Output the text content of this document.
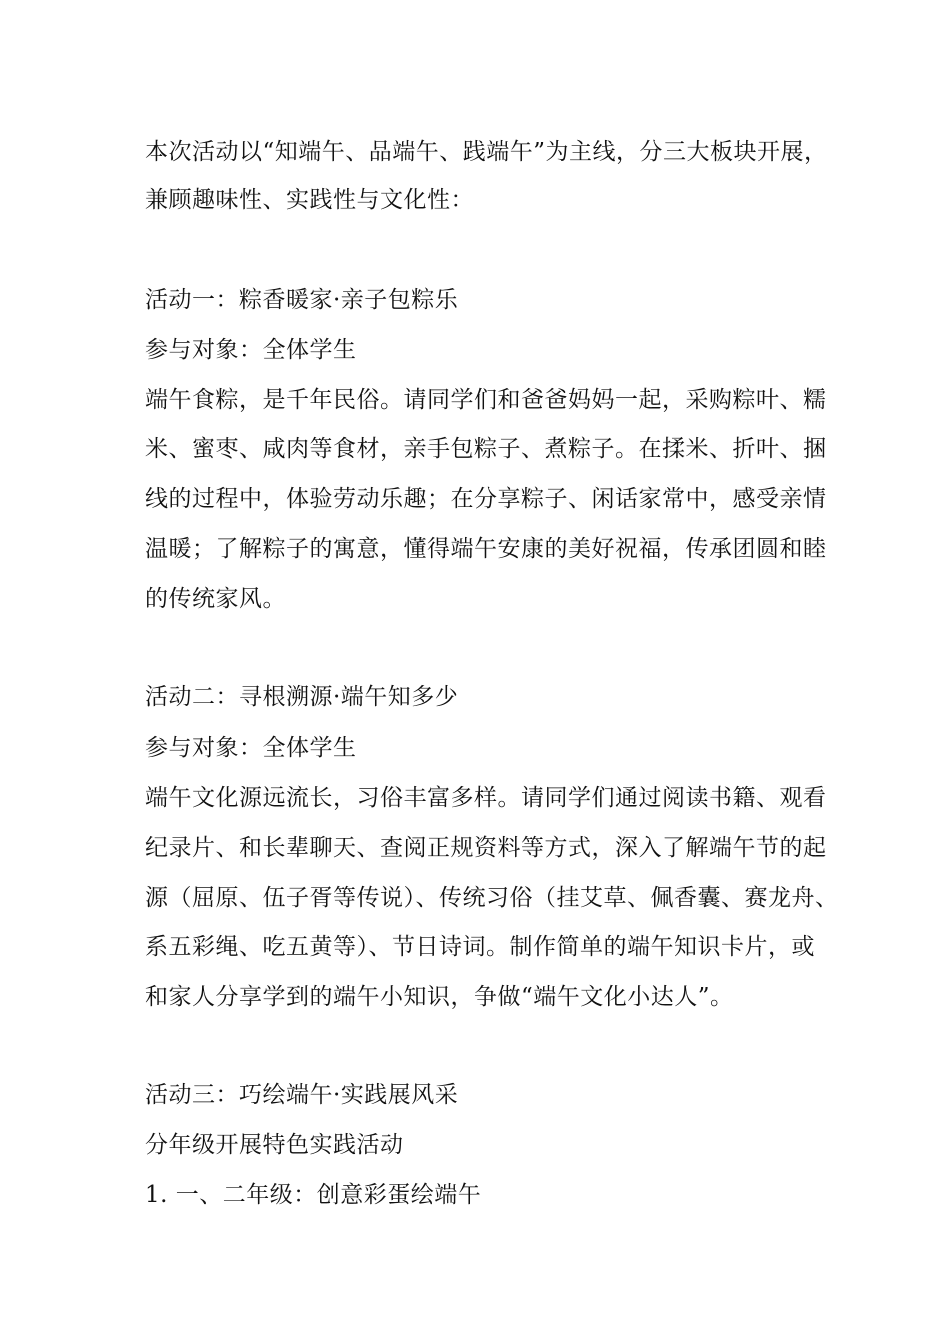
本次活动以“知端午、品端午、践端午”为主线，分三大板块开展，
兼顾趣味性、实践性与文化性：
活动一：粽香暖家·亲子包粽乐
参与对象：全体学生
端午食粽，是千年民俗。请同学们和爸爸妈妈一起，采购粽叶、糯
米、蜜枣、咸肉等食材，亲手包粽子、煮粽子。在揉米、折叶、捆
线的过程中，体验劳动乐趣；在分享粽子、闲话家常中，感受亲情
温暖；了解粽子的寓意，懂得端午安康的美好祝福，传承团圆和睦
的传统家风。
活动二：寻根溯源·端午知多少
参与对象：全体学生
端午文化源远流长，习俗丰富多样。请同学们通过阅读书籍、观看
纪录片、和长辈聊天、查阅正规资料等方式，深入了解端午节的起
源（屈原、伍子胥等传说）、传统习俗（挂艾草、佩香囊、赛龙舟、
系五彩绳、吃五黄等）、节日诗词。制作简单的端午知识卡片，或
和家人分享学到的端午小知识，争做“端午文化小达人”。
活动三：巧绘端午·实践展风采
分年级开展特色实践活动
1. 一、二年级：创意彩蛋绘端午
